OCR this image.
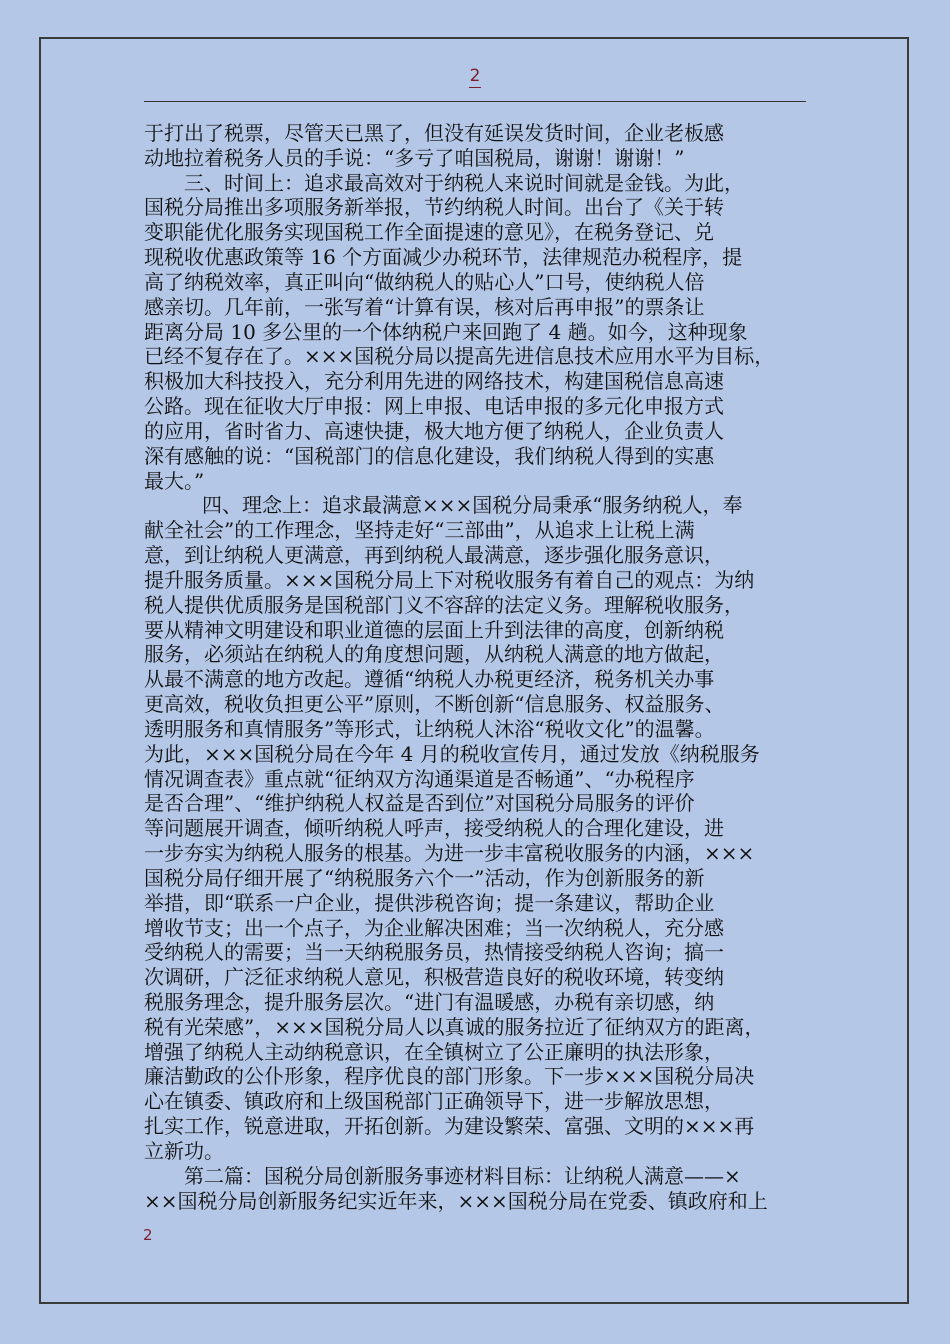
2
于打出了税票，尽管天已黑了，但没有延误发货时间，企业老板感
动地拉着税务人员的手说：“多亏了咱国税局，谢谢！谢谢！”
三、时间上：追求最高效对于纳税人来说时间就是金钱。为此，
国税分局推出多项服务新举报，节约纳税人时间。出台了《关于转
变职能优化服务实现国税工作全面提速的意见》，在税务登记、兑
现税收优惠政策等 16 个方面减少办税环节，法律规范办税程序，提
高了纳税效率，真正叫向“做纳税人的贴心人”口号，使纳税人倍
感亲切。几年前，一张写着“计算有误，核对后再申报”的票条让
距离分局 10 多公里的一个体纳税户来回跑了 4 趟。如今，这种现象
已经不复存在了。×××国税分局以提高先进信息技术应用水平为目标，
积极加大科技投入，充分利用先进的网络技术，构建国税信息高速
公路。现在征收大厅申报：网上申报、电话申报的多元化申报方式
的应用，省时省力、高速快捷，极大地方便了纳税人，企业负责人
深有感触的说：“国税部门的信息化建设，我们纳税人得到的实惠
最大。”
四、理念上：追求最满意×××国税分局秉承“服务纳税人，奉
献全社会”的工作理念，坚持走好“三部曲”，从追求上让税上满
意，到让纳税人更满意，再到纳税人最满意，逐步强化服务意识，
提升服务质量。×××国税分局上下对税收服务有着自己的观点：为纳
税人提供优质服务是国税部门义不容辞的法定义务。理解税收服务，
要从精神文明建设和职业道德的层面上升到法律的高度，创新纳税
服务，必须站在纳税人的角度想问题，从纳税人满意的地方做起，
从最不满意的地方改起。遵循“纳税人办税更经济，税务机关办事
更高效，税收负担更公平”原则，不断创新“信息服务、权益服务、
透明服务和真情服务”等形式，让纳税人沐浴“税收文化”的温馨。
为此，×××国税分局在今年 4 月的税收宣传月，通过发放《纳税服务
情况调查表》重点就“征纳双方沟通渠道是否畅通”、“办税程序
是否合理”、“维护纳税人权益是否到位”对国税分局服务的评价
等问题展开调查，倾听纳税人呼声，接受纳税人的合理化建设，进
一步夯实为纳税人服务的根基。为进一步丰富税收服务的内涵，×××
国税分局仔细开展了“纳税服务六个一”活动，作为创新服务的新
举措，即“联系一户企业，提供涉税咨询；提一条建议，帮助企业
增收节支；出一个点子，为企业解决困难；当一次纳税人，充分感
受纳税人的需要；当一天纳税服务员，热情接受纳税人咨询；搞一
次调研，广泛征求纳税人意见，积极营造良好的税收环境，转变纳
税服务理念，提升服务层次。“进门有温暖感，办税有亲切感，纳
税有光荣感”，×××国税分局人以真诚的服务拉近了征纳双方的距离，
增强了纳税人主动纳税意识，在全镇树立了公正廉明的执法形象，
廉洁勤政的公仆形象，程序优良的部门形象。下一步×××国税分局决
心在镇委、镇政府和上级国税部门正确领导下，进一步解放思想，
扎实工作，锐意进取，开拓创新。为建设繁荣、富强、文明的×××再
立新功。
第二篇：国税分局创新服务事迹材料目标：让纳税人满意——×
××国税分局创新服务纪实近年来，×××国税分局在党委、镇政府和上
2
